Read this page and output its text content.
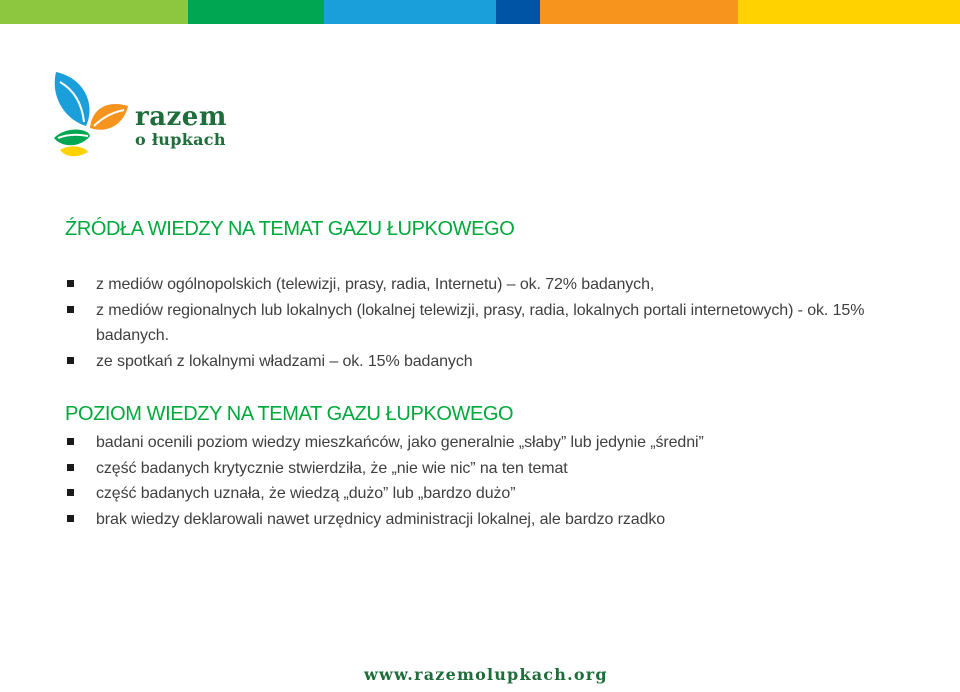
razem
o łupkach
ŹRÓDŁA WIEDZY NA TEMAT GAZU ŁUPKOWEGO
z mediów ogólnopolskich (telewizji, prasy, radia, Internetu) – ok. 72% badanych,
z mediów regionalnych lub lokalnych (lokalnej telewizji, prasy, radia, lokalnych portali internetowych) - ok. 15% badanych.
ze spotkań z lokalnymi władzami – ok. 15% badanych
POZIOM WIEDZY NA TEMAT GAZU ŁUPKOWEGO
badani ocenili poziom wiedzy mieszkańców, jako generalnie „słaby” lub jedynie „średni”
część badanych krytycznie stwierdziła, że „nie wie nic” na ten temat
część badanych uznała, że wiedzą „dużo” lub „bardzo dużo”
brak wiedzy deklarowali nawet urzędnicy administracji lokalnej, ale bardzo rzadko
www.razemolupkach.org
